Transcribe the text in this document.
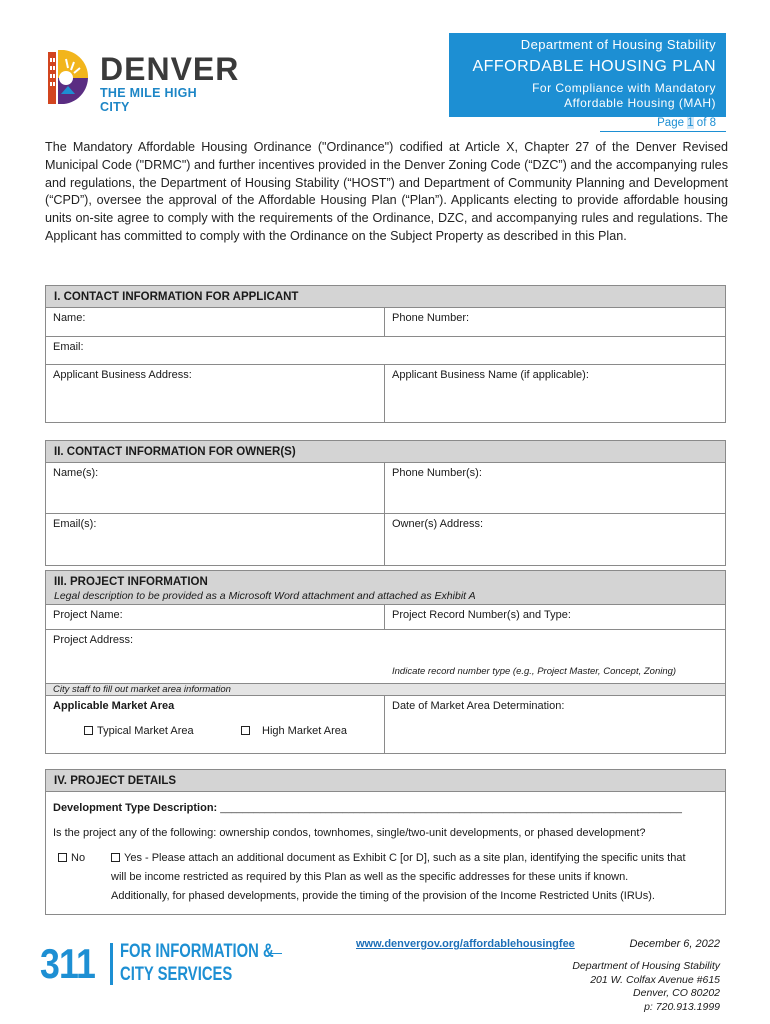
DENVER
THE MILE HIGH CITY
Department of Housing Stability
AFFORDABLE HOUSING PLAN
For Compliance with Mandatory
Affordable Housing (MAH)
Page 1 of 8
The Mandatory Affordable Housing Ordinance ("Ordinance") codified at Article X, Chapter 27 of the Denver Revised Municipal Code ("DRMC") and further incentives provided in the Denver Zoning Code (“DZC”) and the accompanying rules and regulations, the Department of Housing Stability (“HOST”) and Department of Community Planning and Development (“CPD”), oversee the approval of the Affordable Housing Plan (“Plan”). Applicants electing to provide affordable housing units on-site agree to comply with the requirements of the Ordinance, DZC, and accompanying rules and regulations. The Applicant has committed to comply with the Ordinance on the Subject Property as described in this Plan.
I. CONTACT INFORMATION FOR APPLICANT
Name:	Phone Number:
Email:
Applicant Business Address:	Applicant Business Name (if applicable):
II. CONTACT INFORMATION FOR OWNER(S)
Name(s):	Phone Number(s):
Email(s):	Owner(s) Address:
III. PROJECT INFORMATION
Legal description to be provided as a Microsoft Word attachment and attached as Exhibit A
Project Name:	Project Record Number(s) and Type:
Project Address:
Indicate record number type (e.g., Project Master, Concept, Zoning)
City staff to fill out market area information
Applicable Market Area
Typical Market Area	High Market Area
Date of Market Area Determination:
IV. PROJECT DETAILS
Development Type Description: ___________________________________________________________________________________
Is the project any of the following: ownership condos, townhomes, single/two-unit developments, or phased development?
No	Yes - Please attach an additional document as Exhibit C [or D], such as a site plan, identifying the specific units that
will be income restricted as required by this Plan as well as the specific addresses for these units if known.
Additionally, for phased developments, provide the timing of the provision of the Income Restricted Units (IRUs).
311 FOR INFORMATION &
CITY SERVICES
www.denvergov.org/affordablehousingfee	December 6, 2022
Department of Housing Stability
201 W. Colfax Avenue #615
Denver, CO 80202
p: 720.913.1999
